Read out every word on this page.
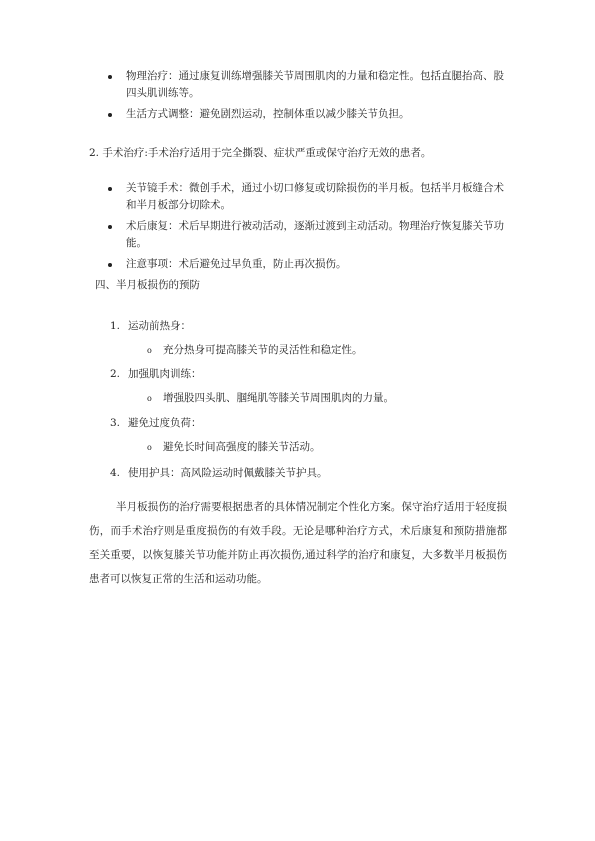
物理治疗：通过康复训练增强膝关节周围肌肉的力量和稳定性。包括直腿抬高、股四头肌训练等。
生活方式调整：避免剧烈运动，控制体重以减少膝关节负担。
2. 手术治疗:手术治疗适用于完全撕裂、症状严重或保守治疗无效的患者。
关节镜手术：微创手术，通过小切口修复或切除损伤的半月板。包括半月板缝合术和半月板部分切除术。
术后康复：术后早期进行被动活动，逐渐过渡到主动活动。物理治疗恢复膝关节功能。
注意事项：术后避免过早负重，防止再次损伤。
四、半月板损伤的预防
1. 运动前热身：
o 充分热身可提高膝关节的灵活性和稳定性。
2. 加强肌肉训练：
o 增强股四头肌、腘绳肌等膝关节周围肌肉的力量。
3. 避免过度负荷：
o 避免长时间高强度的膝关节活动。
4. 使用护具：高风险运动时佩戴膝关节护具。
半月板损伤的治疗需要根据患者的具体情况制定个性化方案。保守治疗适用于轻度损伤，而手术治疗则是重度损伤的有效手段。无论是哪种治疗方式，术后康复和预防措施都至关重要，以恢复膝关节功能并防止再次损伤,通过科学的治疗和康复，大多数半月板损伤患者可以恢复正常的生活和运动功能。
